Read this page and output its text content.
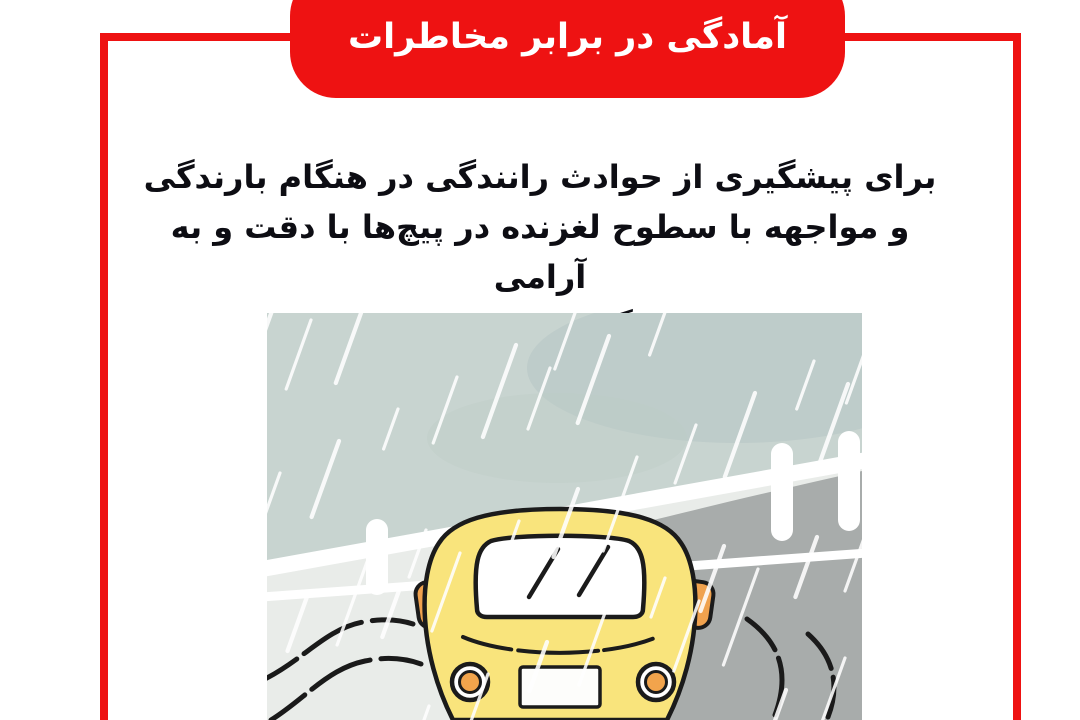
آمادگی در برابر مخاطرات
برای پیشگیری از حوادث رانندگی در هنگام بارندگی
و مواجهه با سطوح لغزنده در پیچ‌ها با دقت و به آرامی
